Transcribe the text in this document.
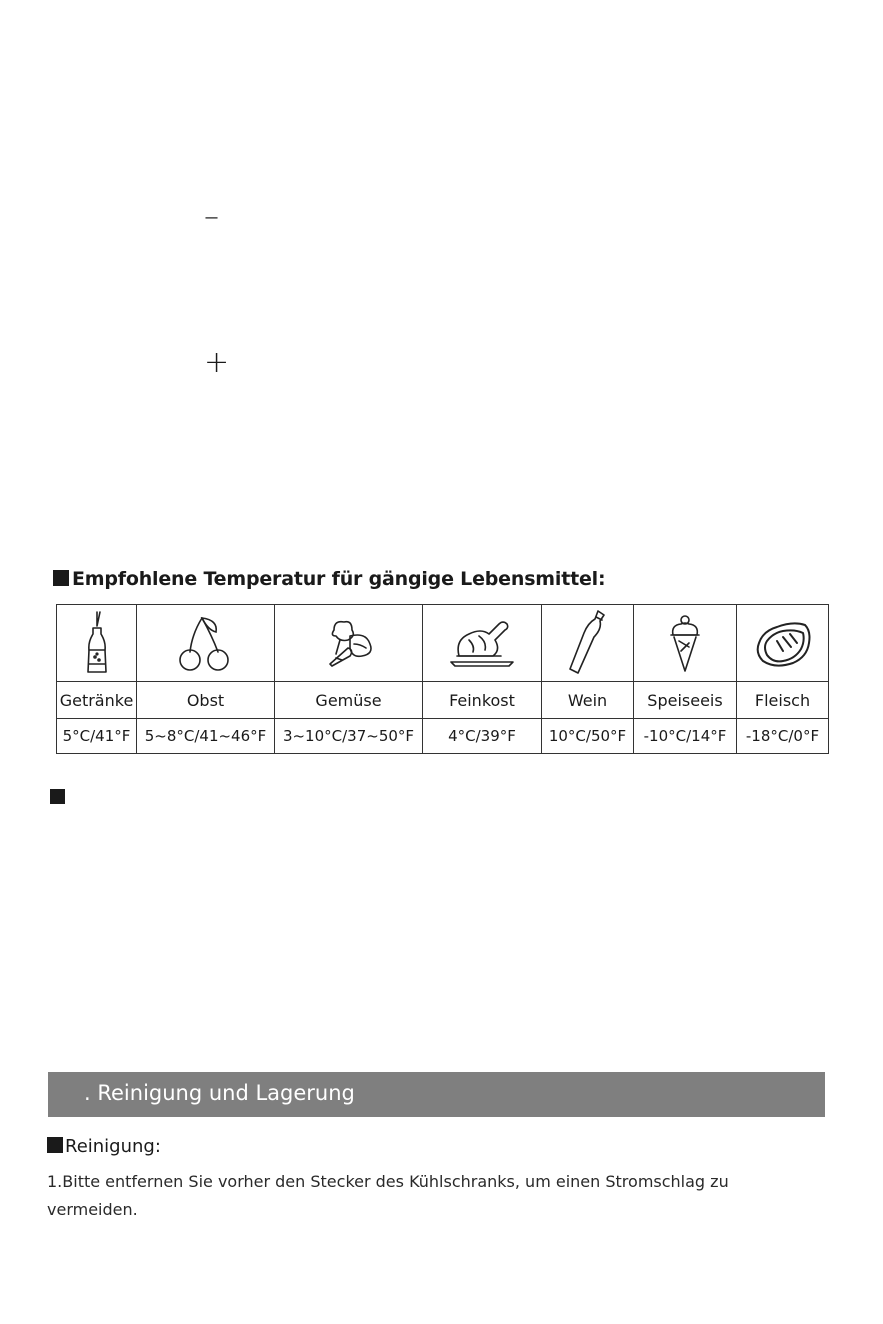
–
+
Empfohlene Temperatur für gängige Lebensmittel:

Getränke	Obst	Gemüse	Feinkost	Wein	Speiseeis	Fleisch
5°C/41°F	5~8°C/41~46°F	3~10°C/37~50°F	4°C/39°F	10°C/50°F	-10°C/14°F	-18°C/0°F
. Reinigung und Lagerung
Reinigung:
1.Bitte entfernen Sie vorher den Stecker des Kühlschranks, um einen Stromschlag zu vermeiden.
